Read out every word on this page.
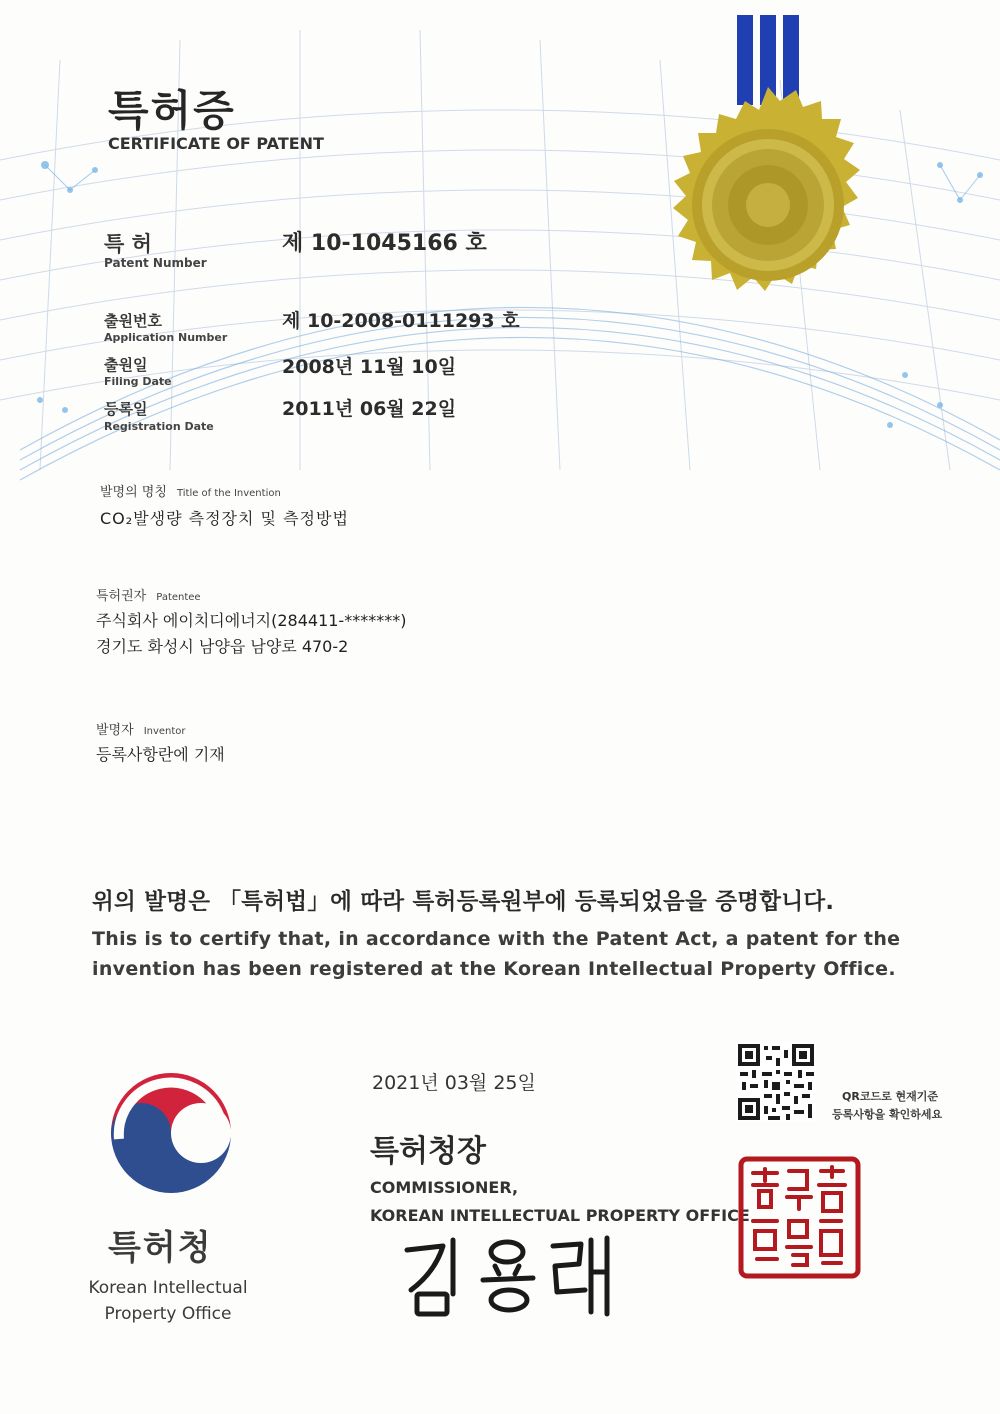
특허증
CERTIFICATE OF PATENT
특 허
Patent Number
제 10-1045166 호
출원번호
Application Number
제 10-2008-0111293 호
출원일
Filing Date
2008년 11월 10일
등록일
Registration Date
2011년 06월 22일
발명의 명칭 Title of the Invention
CO₂발생량 측정장치 및 측정방법
특허권자 Patentee
주식회사 에이치디에너지(284411-*******)
경기도 화성시 남양읍 남양로 470-2
발명자 Inventor
등록사항란에 기재
위의 발명은 「특허법」에 따라 특허등록원부에 등록되었음을 증명합니다.
This is to certify that, in accordance with the Patent Act, a patent for the
invention has been registered at the Korean Intellectual Property Office.
2021년 03월 25일
특허청장
COMMISSIONER,
KOREAN INTELLECTUAL PROPERTY OFFICE
QR코드로 현재기준
등록사항을 확인하세요
특허청
Korean Intellectual
Property Office
